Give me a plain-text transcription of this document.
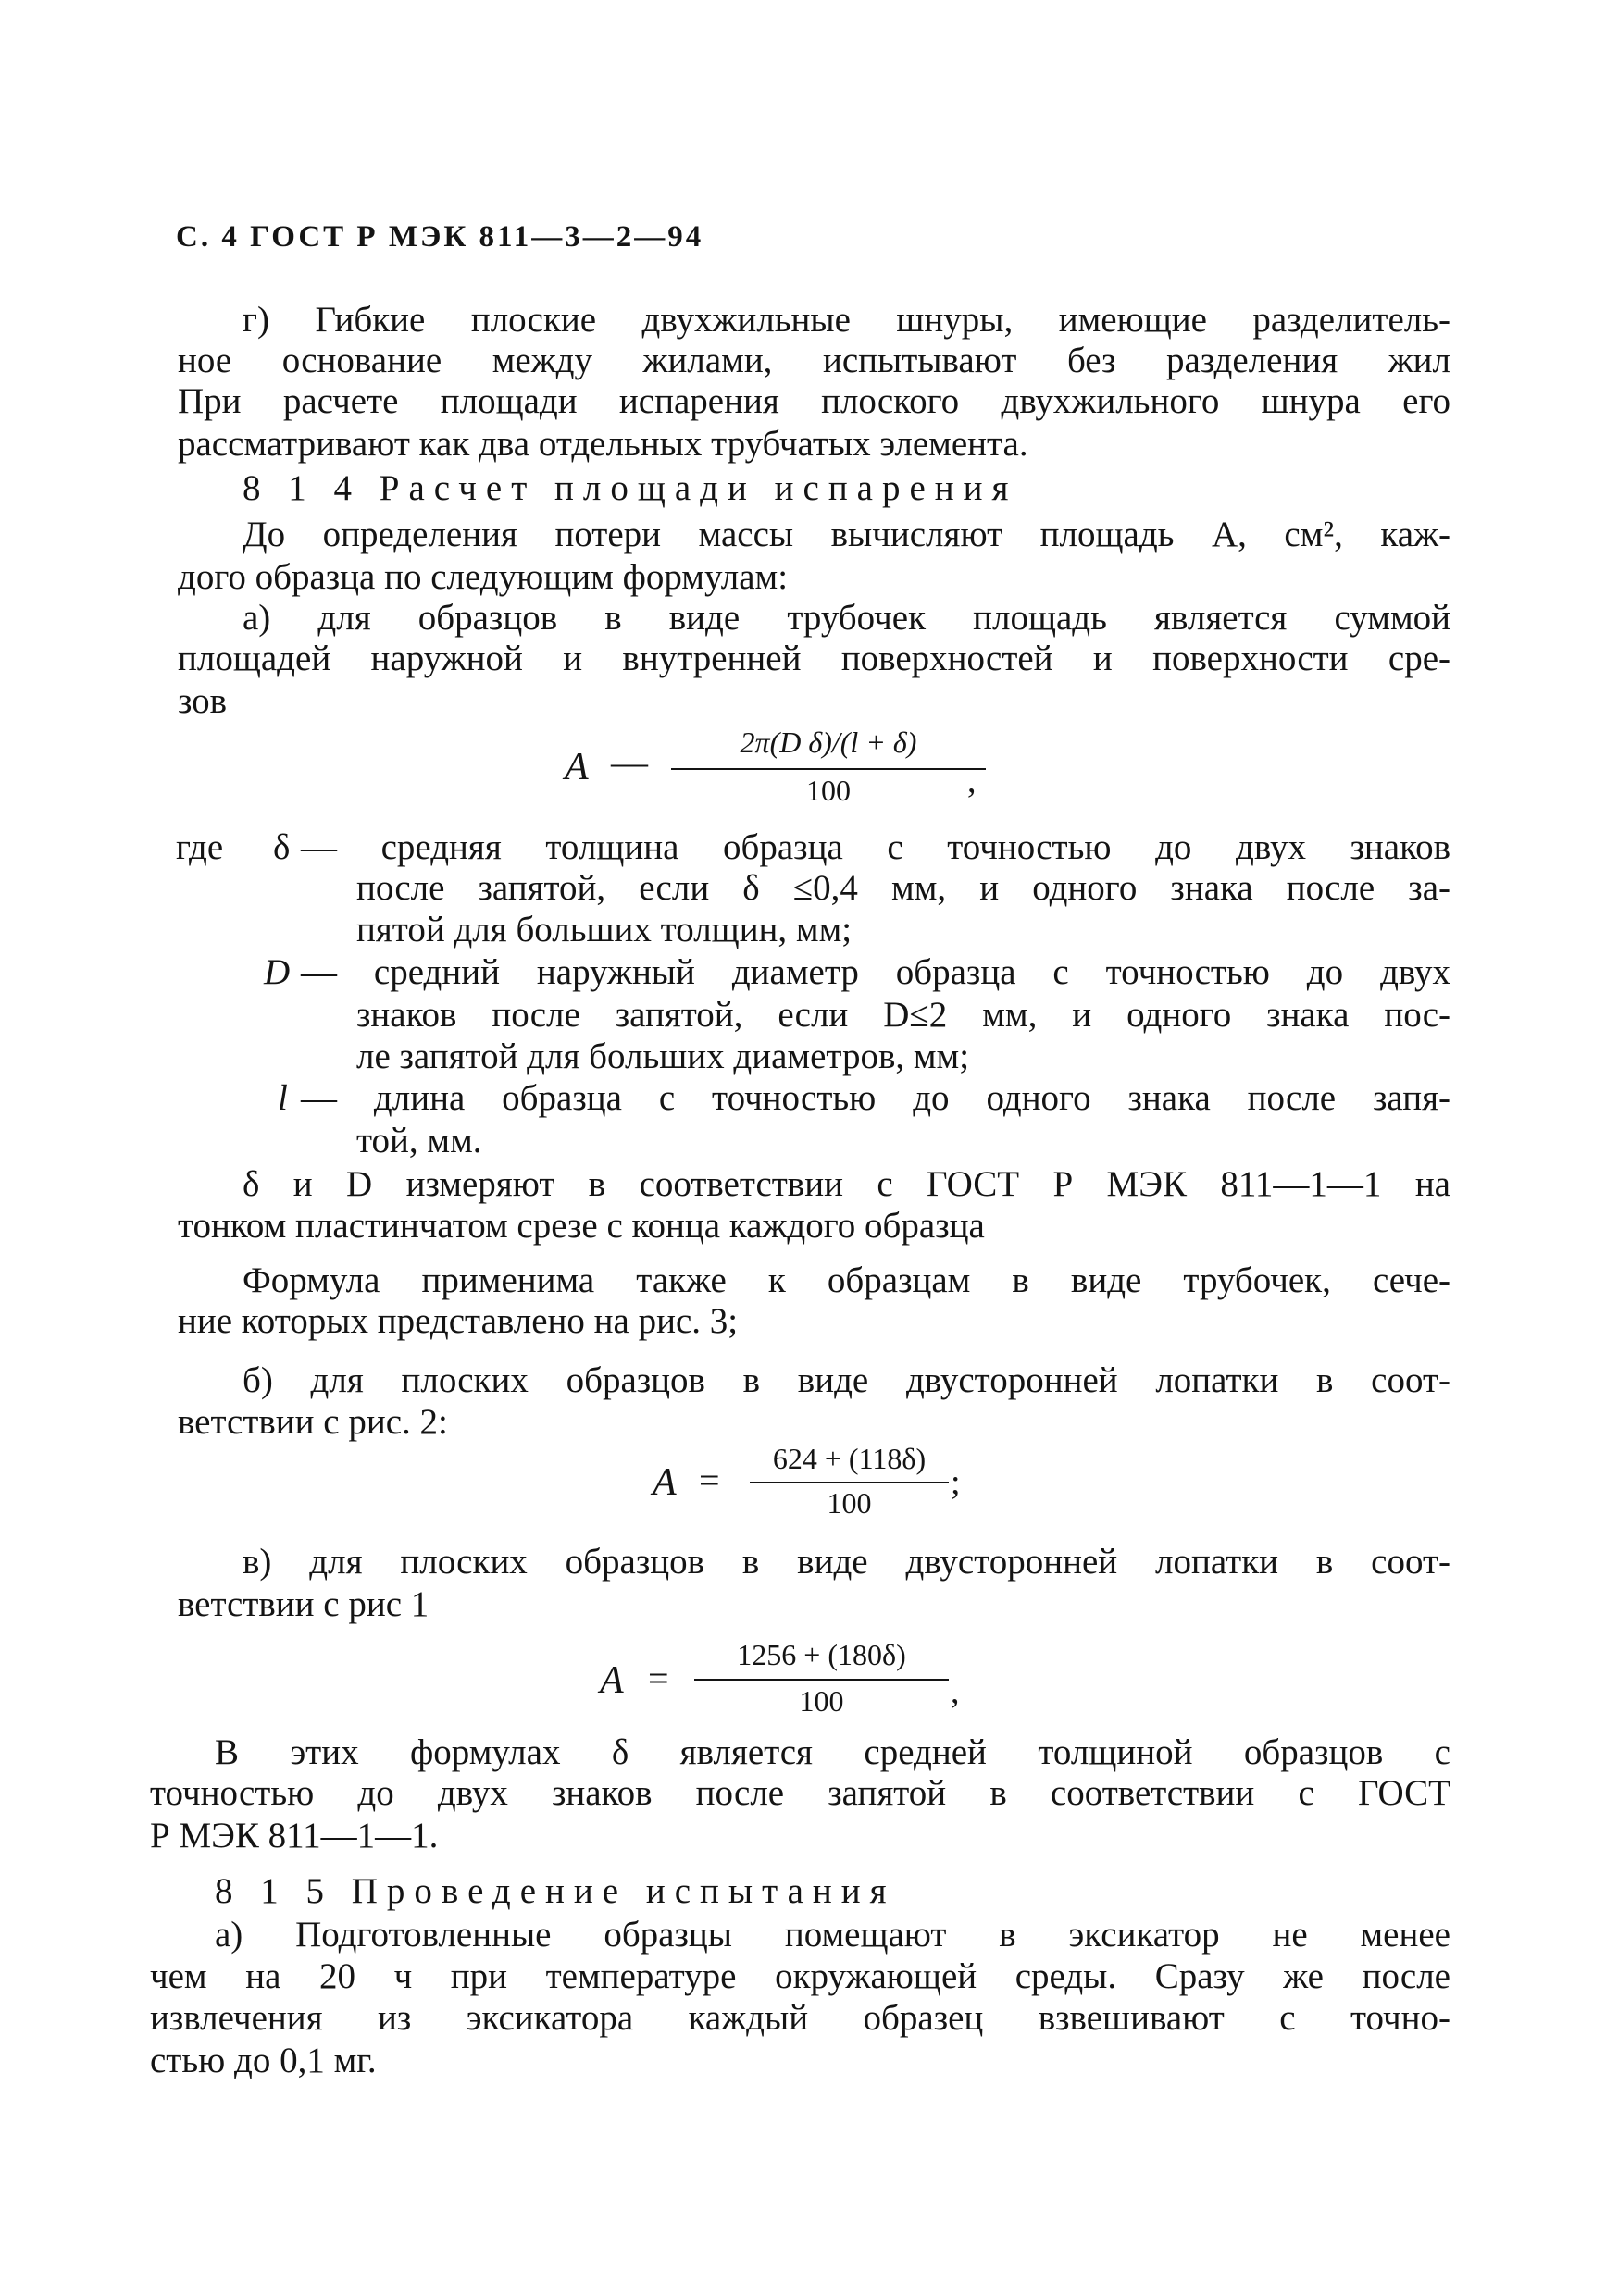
С. 4 ГОСТ Р МЭК 811—3—2—94
г) Гибкие плоские двухжильные шнуры, имеющие разделитель-
ное основание между жилами, испытывают без разделения жил
При расчете площади испарения плоского двухжильного шнура его
рассматривают как два отдельных трубчатых элемента.
8 1 4 Расчет площади испарения
До определения потери массы вычисляют площадь A, см², каж-
дого образца по следующим формулам:
а) для образцов в виде трубочек площадь является суммой
площадей наружной и внутренней поверхностей и поверхности сре-
зов
A —	2π(D δ)/(l + δ)
100	,
где δ — средняя толщина образца с точностью до двух знаков
после запятой, если δ ≤0,4 мм, и одного знака после за-
пятой для больших толщин, мм;
D — средний наружный диаметр образца с точностью до двух
знаков после запятой, если D≤2 мм, и одного знака пос-
ле запятой для больших диаметров, мм;
l — длина образца с точностью до одного знака после запя-
той, мм.
δ и D измеряют в соответствии с ГОСТ Р МЭК 811—1—1 на
тонком пластинчатом срезе с конца каждого образца
Формула применима также к образцам в виде трубочек, сече-
ние которых представлено на рис. 3;
б) для плоских образцов в виде двусторонней лопатки в соот-
ветствии с рис. 2:
A =
624 + (118δ)
100
;
в) для плоских образцов в виде двусторонней лопатки в соот-
ветствии с рис 1
A =
1256 + (180δ)
100	,
В этих формулах δ является средней толщиной образцов с
точностью до двух знаков после запятой в соответствии с ГОСТ
Р МЭК 811—1—1.
8 1 5 Проведение испытания
а) Подготовленные образцы помещают в эксикатор не менее
чем на 20 ч при температуре окружающей среды. Сразу же после
извлечения из эксикатора каждый образец взвешивают с точно-
стью до 0,1 мг.
